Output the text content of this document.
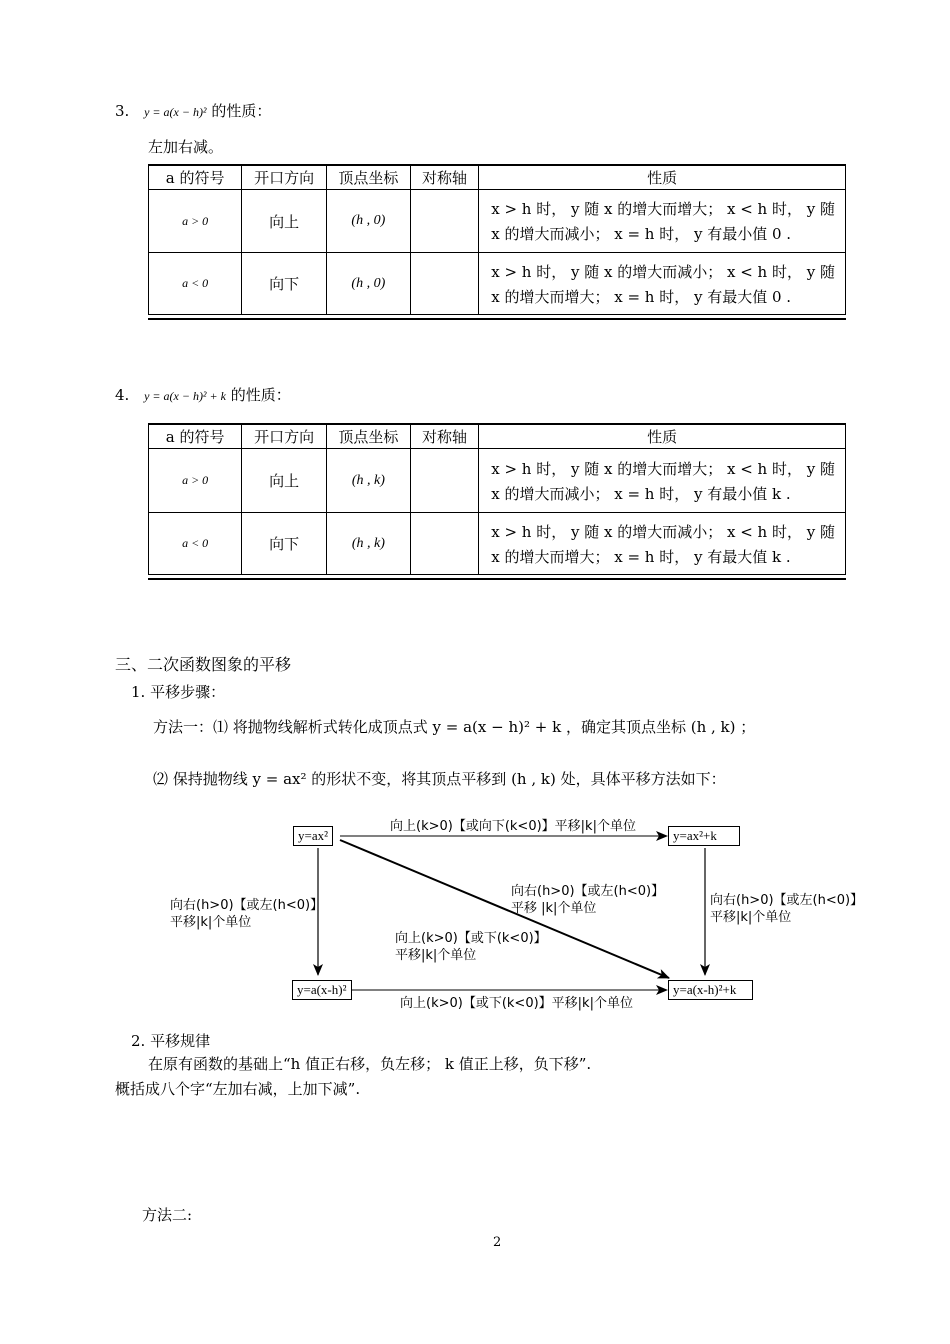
3. y = a(x − h)² 的性质：
左加右减。
a 的符号	开口方向	顶点坐标	对称轴	性质
a > 0	向上	(h , 0)		x > h 时， y 随 x 的增大而增大； x < h 时， y 随
x 的增大而减小； x = h 时， y 有最小值 0 .

a < 0	向下	(h , 0)		x > h 时， y 随 x 的增大而减小； x < h 时， y 随
x 的增大而增大； x = h 时， y 有最大值 0 .
4. y = a(x − h)² + k 的性质：
a 的符号	开口方向	顶点坐标	对称轴	性质
a > 0	向上	(h , k)		x > h 时， y 随 x 的增大而增大； x < h 时， y 随
x 的增大而减小； x = h 时， y 有最小值 k .

a < 0	向下	(h , k)		x > h 时， y 随 x 的增大而减小； x < h 时， y 随
x 的增大而增大； x = h 时， y 有最大值 k .
三、二次函数图象的平移
1. 平移步骤：
方法一：⑴ 将抛物线解析式转化成顶点式 y = a(x − h)² + k ，确定其顶点坐标 (h , k) ；
⑵ 保持抛物线 y = ax² 的形状不变，将其顶点平移到 (h , k) 处，具体平移方法如下：
y=ax²	y=ax²+k
y=a(x-h)²	y=a(x-h)²+k
向上(k>0)【或向下(k<0)】平移|k|个单位
向上(k>0)【或下(k<0)】平移|k|个单位
向右(h>0)【或左(h<0)】
平移|k|个单位
向右(h>0)【或左(h<0)】
平移|k|个单位
向右(h>0)【或左(h<0)】
平移 |k|个单位
向上(k>0)【或下(k<0)】
平移|k|个单位
2. 平移规律
在原有函数的基础上“h 值正右移，负左移； k 值正上移，负下移”.
概括成八个字“左加右减，上加下减”.
方法二:
2
